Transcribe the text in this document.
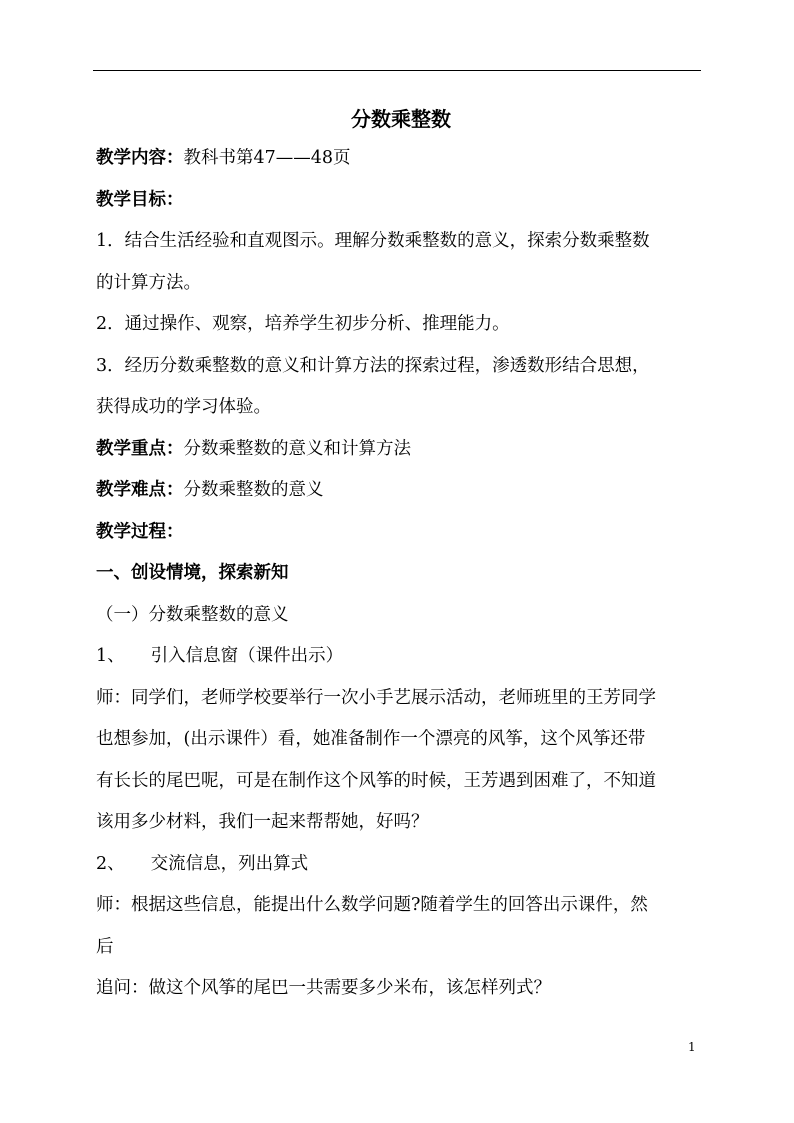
分数乘整数
教学内容：教科书第47——48页
教学目标：
1．结合生活经验和直观图示。理解分数乘整数的意义，探索分数乘整数
的计算方法。
2．通过操作、观察，培养学生初步分析、推理能力。
3．经历分数乘整数的意义和计算方法的探索过程，渗透数形结合思想，
获得成功的学习体验。
教学重点：分数乘整数的意义和计算方法
教学难点：分数乘整数的意义
教学过程：
一、创设情境，探索新知
（一）分数乘整数的意义
1、 引入信息窗（课件出示）
师：同学们，老师学校要举行一次小手艺展示活动，老师班里的王芳同学
也想参加，(出示课件）看，她准备制作一个漂亮的风筝，这个风筝还带
有长长的尾巴呢，可是在制作这个风筝的时候，王芳遇到困难了，不知道
该用多少材料，我们一起来帮帮她，好吗？
2、 交流信息，列出算式
师：根据这些信息，能提出什么数学问题?随着学生的回答出示课件，然
后
追问：做这个风筝的尾巴一共需要多少米布，该怎样列式？
1
